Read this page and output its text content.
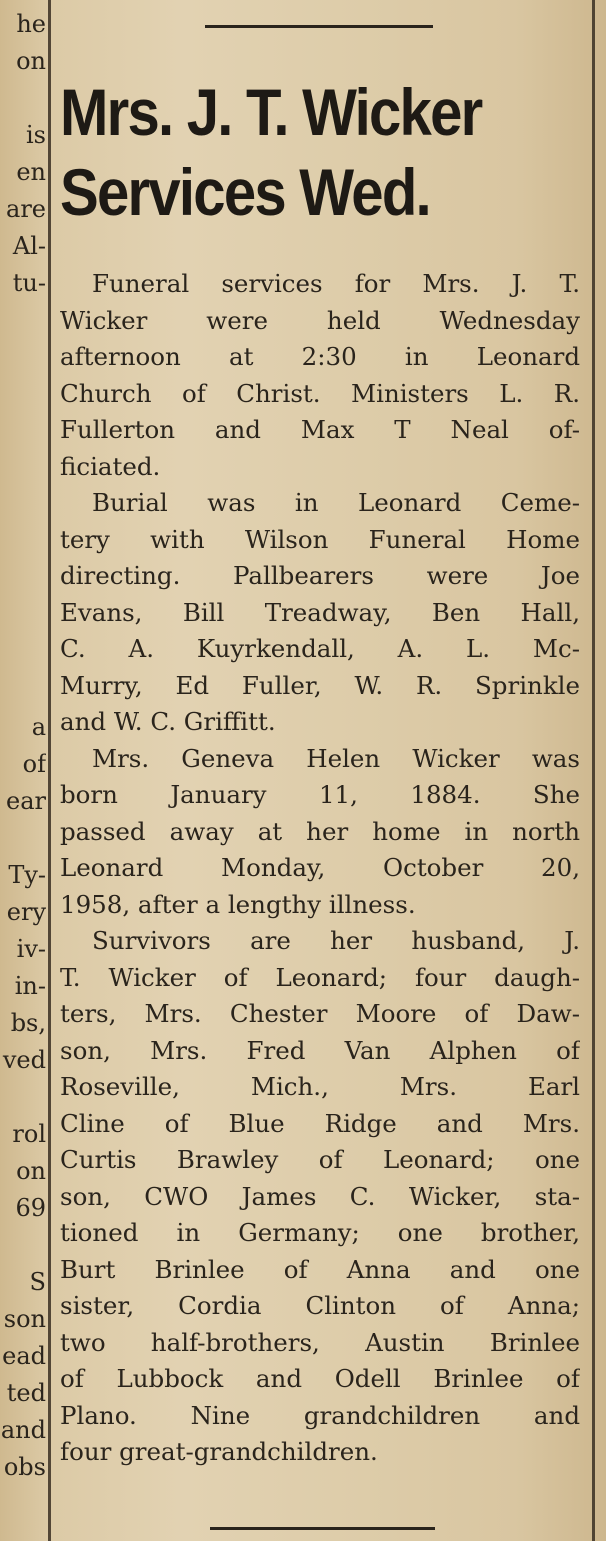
he
on
is
en
are
Al-
tu-
a
of
ear
Ty-
ery
iv-
in-
bs,
ved
rol
on
69
S
son
ead
ted
and
obs
Mrs. J. T. Wicker
Services Wed.
Funeral services for Mrs. J. T.
Wicker were held Wednesday
afternoon at 2:30 in Leonard
Church of Christ. Ministers L. R.
Fullerton and Max T Neal of-
ficiated.
Burial was in Leonard Ceme-
tery with Wilson Funeral Home
directing. Pallbearers were Joe
Evans, Bill Treadway, Ben Hall,
C. A. Kuyrkendall, A. L. Mc-
Murry, Ed Fuller, W. R. Sprinkle
and W. C. Griffitt.
Mrs. Geneva Helen Wicker was
born January 11, 1884. She
passed away at her home in north
Leonard Monday, October 20,
1958, after a lengthy illness.
Survivors are her husband, J.
T. Wicker of Leonard; four daugh-
ters, Mrs. Chester Moore of Daw-
son, Mrs. Fred Van Alphen of
Roseville, Mich., Mrs. Earl
Cline of Blue Ridge and Mrs.
Curtis Brawley of Leonard; one
son, CWO James C. Wicker, sta-
tioned in Germany; one brother,
Burt Brinlee of Anna and one
sister, Cordia Clinton of Anna;
two half-brothers, Austin Brinlee
of Lubbock and Odell Brinlee of
Plano. Nine grandchildren and
four great-grandchildren.
